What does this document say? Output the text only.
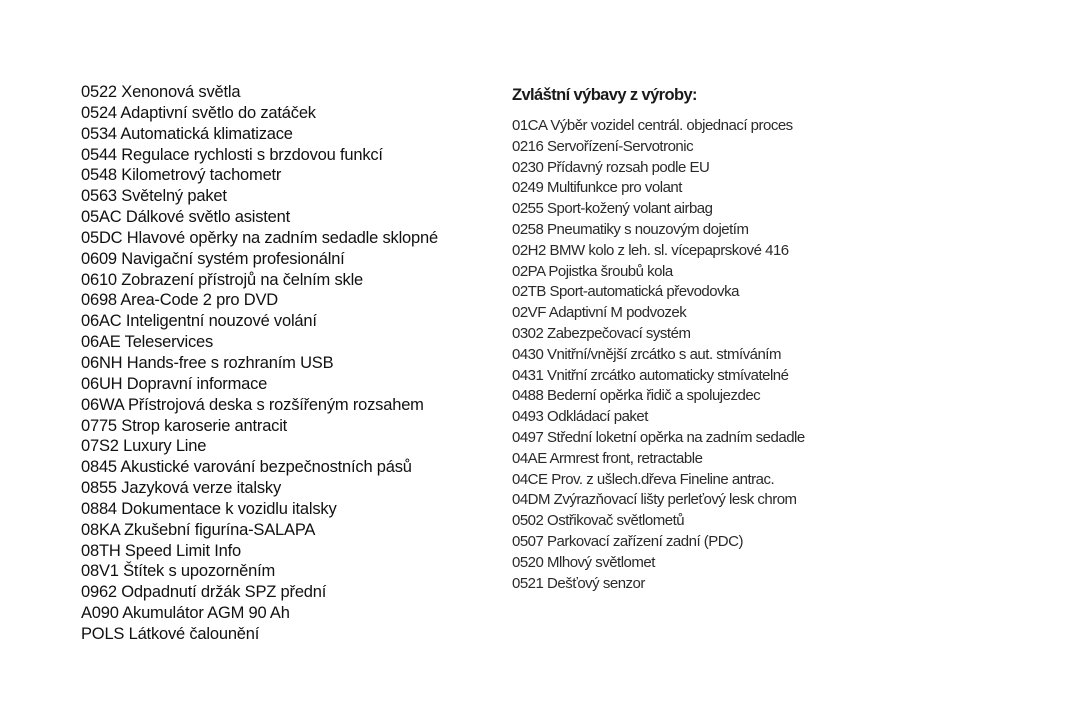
0522 Xenonová světla
0524 Adaptivní světlo do zatáček
0534 Automatická klimatizace
0544 Regulace rychlosti s brzdovou funkcí
0548 Kilometrový tachometr
0563 Světelný paket
05AC Dálkové světlo asistent
05DC Hlavové opěrky na zadním sedadle sklopné
0609 Navigační systém profesionální
0610 Zobrazení přístrojů na čelním skle
0698 Area-Code 2 pro DVD
06AC Inteligentní nouzové volání
06AE Teleservices
06NH Hands-free s rozhraním USB
06UH Dopravní informace
06WA Přístrojová deska s rozšířeným rozsahem
0775 Strop karoserie antracit
07S2 Luxury Line
0845 Akustické varování bezpečnostních pásů
0855 Jazyková verze italsky
0884 Dokumentace k vozidlu italsky
08KA Zkušební figurína-SALAPA
08TH Speed Limit Info
08V1 Štítek s upozorněním
0962 Odpadnutí držák SPZ přední
A090 Akumulátor AGM 90 Ah
POLS Látkové čalounění
Zvláštní výbavy z výroby:
01CA Výběr vozidel centrál. objednací proces
0216 Servořízení-Servotronic
0230 Přídavný rozsah podle EU
0249 Multifunkce pro volant
0255 Sport-kožený volant airbag
0258 Pneumatiky s nouzovým dojetím
02H2 BMW kolo z leh. sl. vícepaprskové 416
02PA Pojistka šroubů kola
02TB Sport-automatická převodovka
02VF Adaptivní M podvozek
0302 Zabezpečovací systém
0430 Vnitřní/vnější zrcátko s aut. stmíváním
0431 Vnitřní zrcátko automaticky stmívatelné
0488 Bederní opěrka řidič a spolujezdec
0493 Odkládací paket
0497 Střední loketní opěrka na zadním sedadle
04AE Armrest front, retractable
04CE Prov. z ušlech.dřeva Fineline antrac.
04DM Zvýrazňovací lišty perleťový lesk chrom
0502 Ostřikovač světlometů
0507 Parkovací zařízení zadní (PDC)
0520 Mlhový světlomet
0521 Dešťový senzor
